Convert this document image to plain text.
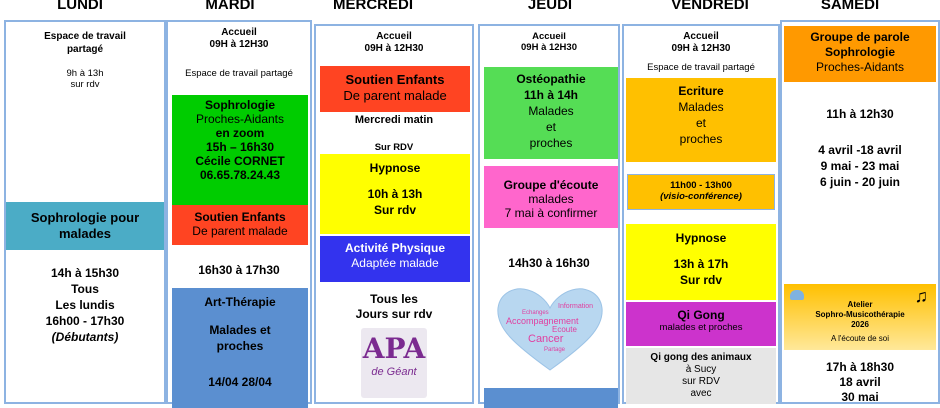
LUNDI	MARDI	MERCREDI	JEUDI	VENDREDI	SAMEDI
Espace de travail partagé
9h à 13h
sur rdv
Sophrologie pour malades
14h à 15h30
Tous
Les lundis
16h00 - 17h30
(Débutants)
Accueil
09H à 12H30
Espace de travail partagé
Sophrologie
Proches-Aidants
en zoom
15h – 16h30
Cécile CORNET
06.65.78.24.43
Soutien Enfants
De parent malade
16h30 à 17h30
Art-Thérapie
Malades et
proches
14/04 28/04
Accueil
09H à 12H30
Soutien Enfants
De parent malade
Mercredi matin
Sur RDV
Hypnose
10h à 13h
Sur rdv
Activité Physique
Adaptée malade
Tous les
Jours sur rdv
APA
de Géant
Accueil
09H à 12H30
Ostéopathie
11h à 14h
Malades
et
proches
Groupe d'écoute
malades
7 mai à confirmer
14h30 à 16h30
Echanges
Information
Accompagnement
Ecoute
Cancer
Partage
Accueil
09H à 12H30
Espace de travail partagé
Ecriture
Malades
et
proches
11h00 - 13h00
(visio-conférence)
Hypnose
13h à 17h
Sur rdv
Qi Gong
malades et proches
Qi gong des animaux
à Sucy
sur RDV
avec
Groupe de parole
Sophrologie
Proches-Aidants
11h à 12h30
4 avril -18 avril
9 mai - 23 mai
6 juin - 20 juin
♫
Atelier
Sophro-Musicothérapie
2026
A l'écoute de soi
17h à 18h30
18 avril
30 mai
